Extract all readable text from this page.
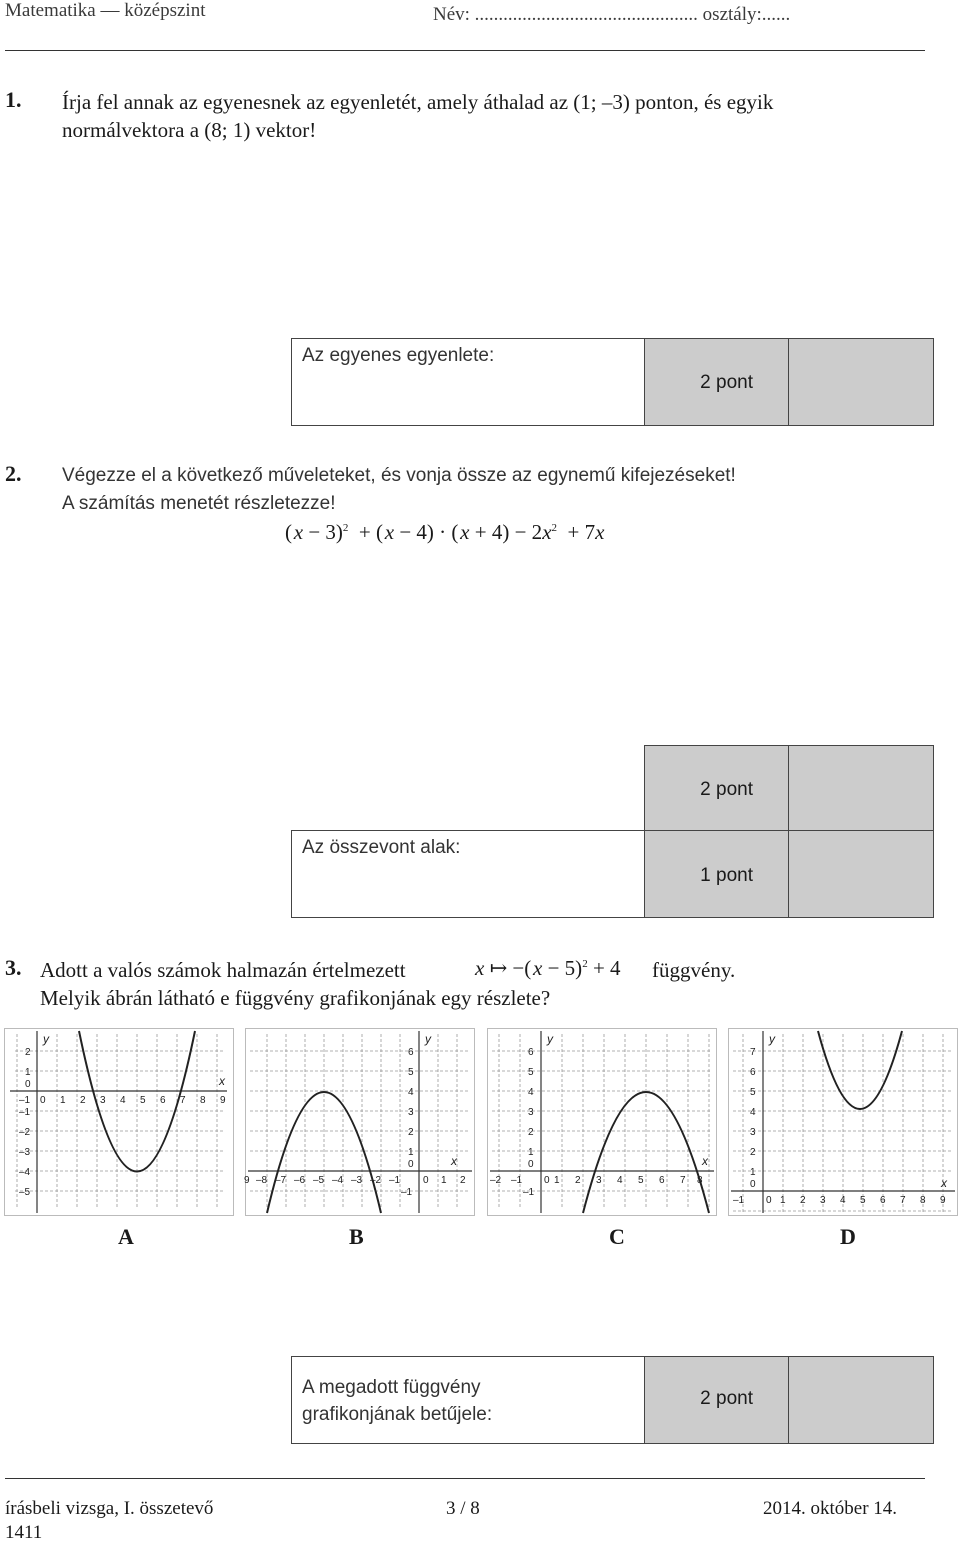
Matematika — középszint	Név: ............................................... osztály:......
1. Írja fel annak az egyenesnek az egyenletét, amely áthalad az (1; –3) ponton, és egyik
normálvektora a (8; 1) vektor!
Az egyenes egyenlete:
2 pont
2. Végezze el a következő műveleteket, és vonja össze az egynemű kifejezéseket!
A számítás menetét részletezze!
( x − 3)$^2$  + ( x − 4) · ( $x + 4) - 2x^2 + 7x$
Az összevont alak:
2 pont
1 pont
3. Adott a valós számok halmazán értelmezett	x ↦ −( x − 5)$^2$ + 4 függvény.
Melyik ábrán látható e függvény grafikonjának egy részlete?
y
x
2
1
0
–1 0 1 2 3 4 5 6 7 8 9
–1
–2
–3
–4
–5
y
x
6
5
4
3
2
1
0
9 –8 –7 –6 –5 –4 –3 –2 –1 0 1 2
–1
y
x
6
5
4
3
2
1
0
–2 –1 0 1 2 3 4 5 6 7 8
–1
y
x
7
6
5
4
3
2
1
0
–1 0 1 2 3 4 5 6 7 8 9
A	B	C	D
A megadott függvény
grafikonjának betűjele:
2 pont
írásbeli vizsga, I. összetevő
1411
3 / 8	2014. október 14.
